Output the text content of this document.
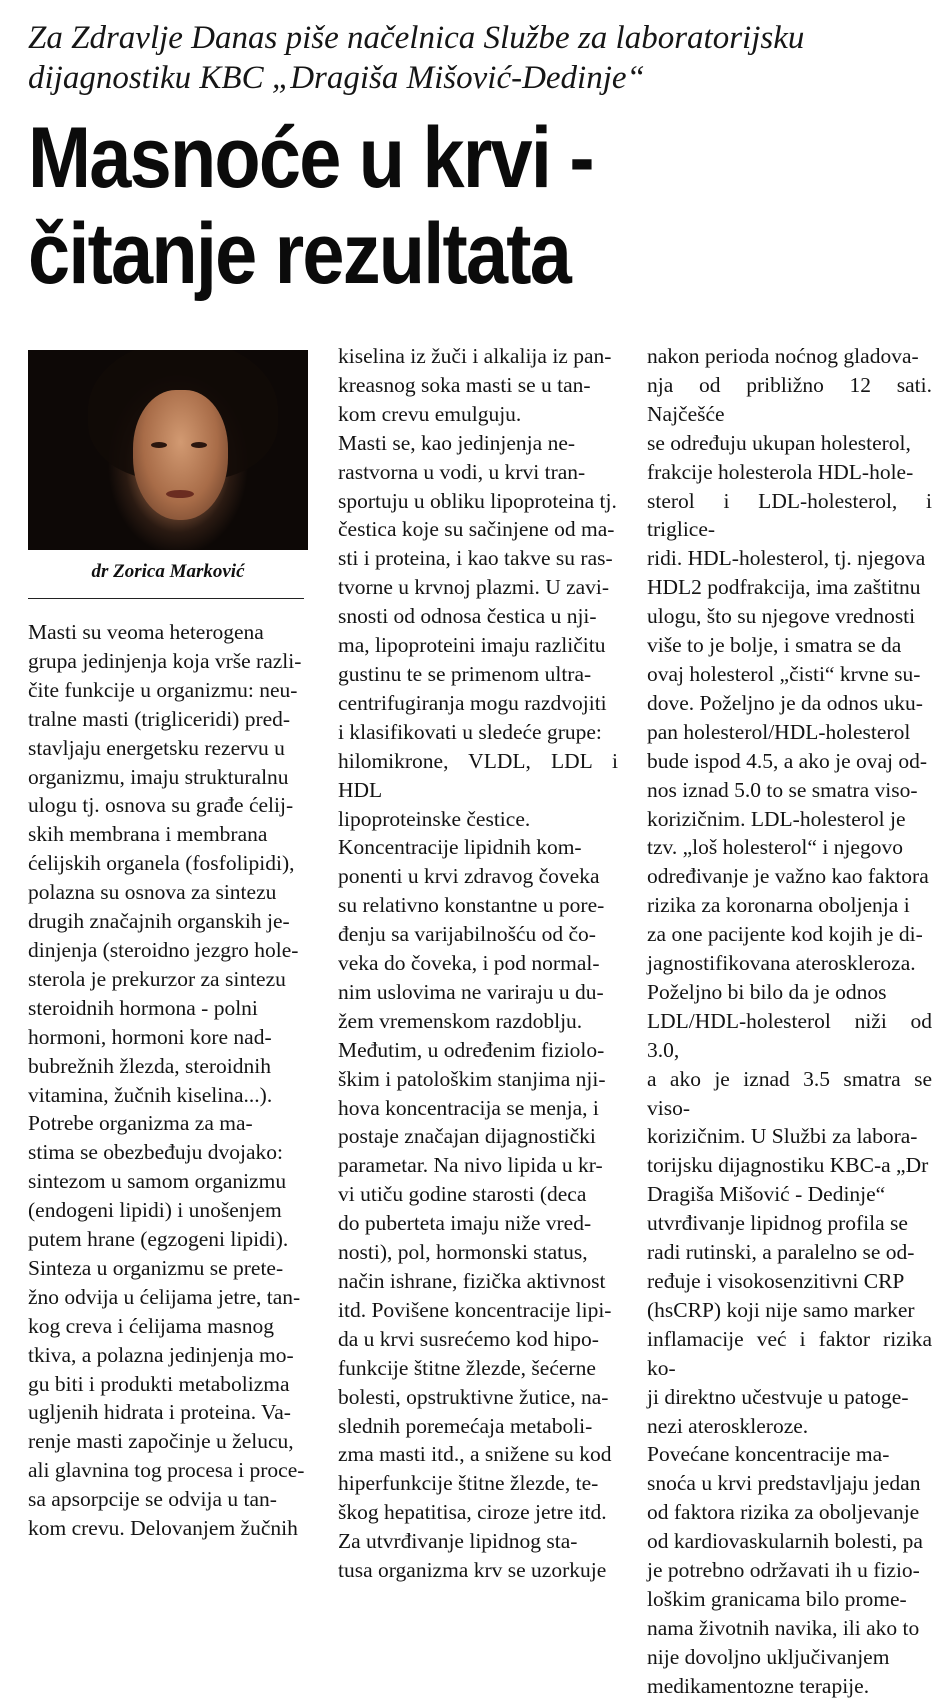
Za Zdravlje Danas piše načelnica Službe za laboratorijsku
dijagnostiku KBC „Dragiša Mišović-Dedinje“
Masnoće u krvi -
čitanje rezultata
dr Zorica Marković

Masti su veoma heterogena
grupa jedinjenja koja vrše razli-
čite funkcije u organizmu: neu-
tralne masti (trigliceridi) pred-
stavljaju energetsku rezervu u
organizmu, imaju strukturalnu
ulogu tj. osnova su građe ćelij-
skih membrana i membrana
ćelijskih organela (fosfolipidi),
polazna su osnova za sintezu
drugih značajnih organskih je-
dinjenja (steroidno jezgro hole-
sterola je prekurzor za sintezu
steroidnih hormona - polni
hormoni, hormoni kore nad-
bubrežnih žlezda, steroidnih
vitamina, žučnih kiselina...).

Potrebe organizma za ma-
stima se obezbeđuju dvojako:
sintezom u samom organizmu
(endogeni lipidi) i unošenjem
putem hrane (egzogeni lipidi).
Sinteza u organizmu se prete-
žno odvija u ćelijama jetre, tan-
kog creva i ćelijama masnog
tkiva, a polazna jedinjenja mo-
gu biti i produkti metabolizma
ugljenih hidrata i proteina. Va-
renje masti započinje u želucu,
ali glavnina tog procesa i proce-
sa apsorpcije se odvija u tan-
kom crevu. Delovanjem žučnih

kiselina iz žuči i alkalija iz pan-
kreasnog soka masti se u tan-
kom crevu emulguju.

Masti se, kao jedinjenja ne-
rastvorna u vodi, u krvi tran-
sportuju u obliku lipoproteina tj.
čestica koje su sačinjene od ma-
sti i proteina, i kao takve su ras-
tvorne u krvnoj plazmi. U zavi-
snosti od odnosa čestica u nji-
ma, lipoproteini imaju različitu
gustinu te se primenom ultra-
centrifugiranja mogu razdvojiti
i klasifikovati u sledeće grupe:
hilomikrone, VLDL, LDL i HDL
lipoproteinske čestice.

Koncentracije lipidnih kom-
ponenti u krvi zdravog čoveka
su relativno konstantne u pore-
đenju sa varijabilnošću od čo-
veka do čoveka, i pod normal-
nim uslovima ne variraju u du-
žem vremenskom razdoblju.
Međutim, u određenim fiziolo-
škim i patološkim stanjima nji-
hova koncentracija se menja, i
postaje značajan dijagnostički
parametar. Na nivo lipida u kr-
vi utiču godine starosti (deca
do puberteta imaju niže vred-
nosti), pol, hormonski status,
način ishrane, fizička aktivnost
itd. Povišene koncentracije lipi-
da u krvi susrećemo kod hipo-
funkcije štitne žlezde, šećerne
bolesti, opstruktivne žutice, na-
slednih poremećaja metaboli-
zma masti itd., a snižene su kod
hiperfunkcije štitne žlezde, te-
škog hepatitisa, ciroze jetre itd.

Za utvrđivanje lipidnog sta-
tusa organizma krv se uzorkuje

nakon perioda noćnog gladova-
nja od približno 12 sati. Najčešće
se određuju ukupan holesterol,
frakcije holesterola HDL-hole-
sterol i LDL-holesterol, i triglice-
ridi. HDL-holesterol, tj. njegova
HDL2 podfrakcija, ima zaštitnu
ulogu, što su njegove vrednosti
više to je bolje, i smatra se da
ovaj holesterol „čisti“ krvne su-
dove. Poželjno je da odnos uku-
pan holesterol/HDL-holesterol
bude ispod 4.5, a ako je ovaj od-
nos iznad 5.0 to se smatra viso-
korizičnim. LDL-holesterol je
tzv. „loš holesterol“ i njegovo
određivanje je važno kao faktora
rizika za koronarna oboljenja i
za one pacijente kod kojih je di-
jagnostifikovana ateroskleroza.
Poželjno bi bilo da je odnos
LDL/HDL-holesterol niži od 3.0,
a ako je iznad 3.5 smatra se viso-
korizičnim. U Službi za labora-
torijsku dijagnostiku KBC-a „Dr
Dragiša Mišović - Dedinje“
utvrđivanje lipidnog profila se
radi rutinski, a paralelno se od-
ređuje i visokosenzitivni CRP
(hsCRP) koji nije samo marker
inflamacije već i faktor rizika ko-
ji direktno učestvuje u patoge-
nezi ateroskleroze.

Povećane koncentracije ma-
snoća u krvi predstavljaju jedan
od faktora rizika za oboljevanje
od kardiovaskularnih bolesti, pa
je potrebno održavati ih u fizio-
loškim granicama bilo prome-
nama životnih navika, ili ako to
nije dovoljno uključivanjem
medikamentozne terapije.
